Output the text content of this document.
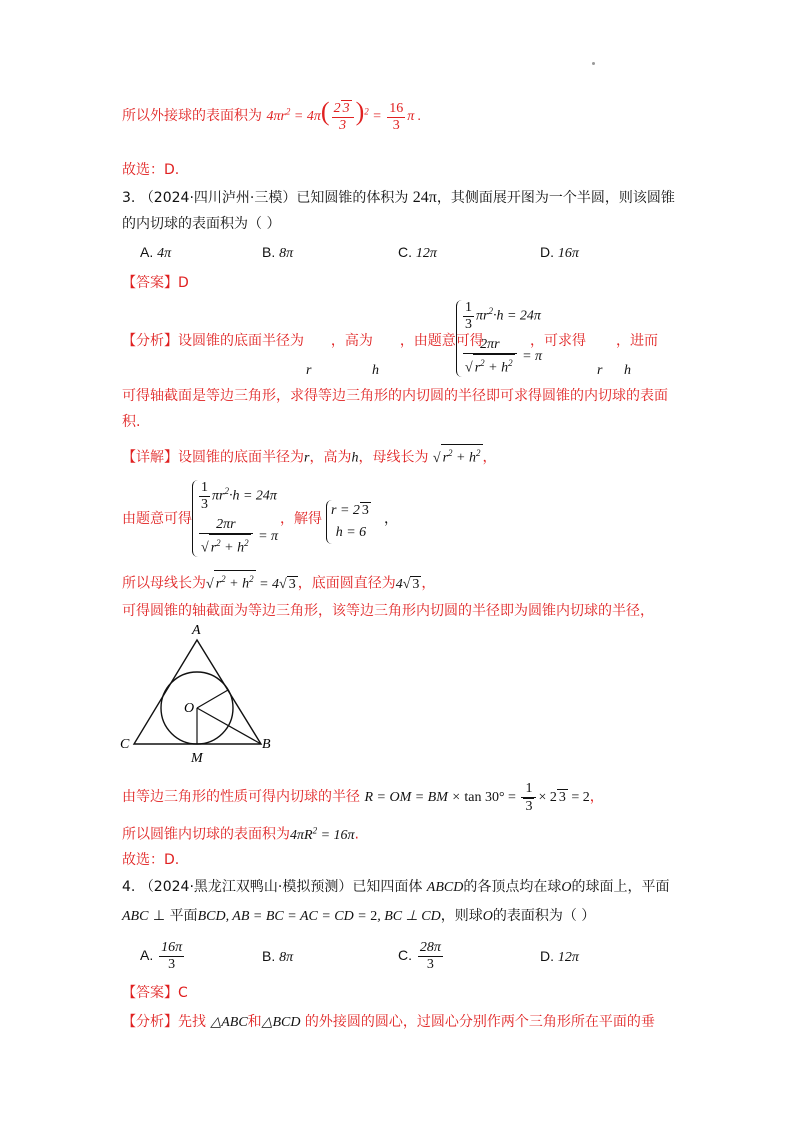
所以外接球的表面积为 $4\pi r^2 = 4\pi( \frac{2 3}{3} )^2 = \frac{16}{3}$ π .
故选：D.
3. （2024·四川泸州·三模）已知圆锥的体积为 24π，其侧面展开图为一个半圆，则该圆锥
的内切球的表面积为（ ）
A. 4π	B. 8π	C. 12π	D. 16π
【答案】D
【分析】设圆锥的底面半径为 ，高为 ，由题意可得
r	h
$\frac{1}{3} \pi r^2\cdot h = 24\pi$
$\frac{2\pi r}{√ r^2 + h^2} = \pi$
，可求得 ，进而
r h
可得轴截面是等边三角形，求得等边三角形的内切圆的半径即可求得圆锥的内切球的表面
积.
【详解】设圆锥的底面半径为r，高为h，母线长为 √ $r^2 + h^2$ ，
由题意可得
$\frac{1}{3} \pi r^2\cdot h = 24\pi$
$\frac{2\pi r}{√ r^2 + h^2} = \pi$
，解得
r = 2 3
h = 6
，
所以母线长为√ $r^2 + h^2 = 4√$ 3 ，底面圆直径为4√ 3 ，
可得圆锥的轴截面为等边三角形，该等边三角形内切圆的半径即为圆锥内切球的半径，
A
O
C
M
B
由等边三角形的性质可得内切球的半径 R = OM = BM × $\tan 30^\circ = \frac{1}{3} \times 2$ 3 = 2，
所以圆锥内切球的表面积为$4\pi R^2 = 16\pi$.
故选：D.
4. （2024·黑龙江双鸭山·模拟预测）已知四面体 ABCD的各顶点均在球O的球面上，平面
ABC ⊥ 平面BCD, AB = BC = AC = CD = 2, BC ⊥ CD，则球O的表面积为（ ）
A. $\frac{16\pi}{3}$	B. 8π	C. $\frac{28\pi}{3}$	D. 12π
【答案】C
【分析】先找 △ABC和△BCD 的外接圆的圆心，过圆心分别作两个三角形所在平面的垂
